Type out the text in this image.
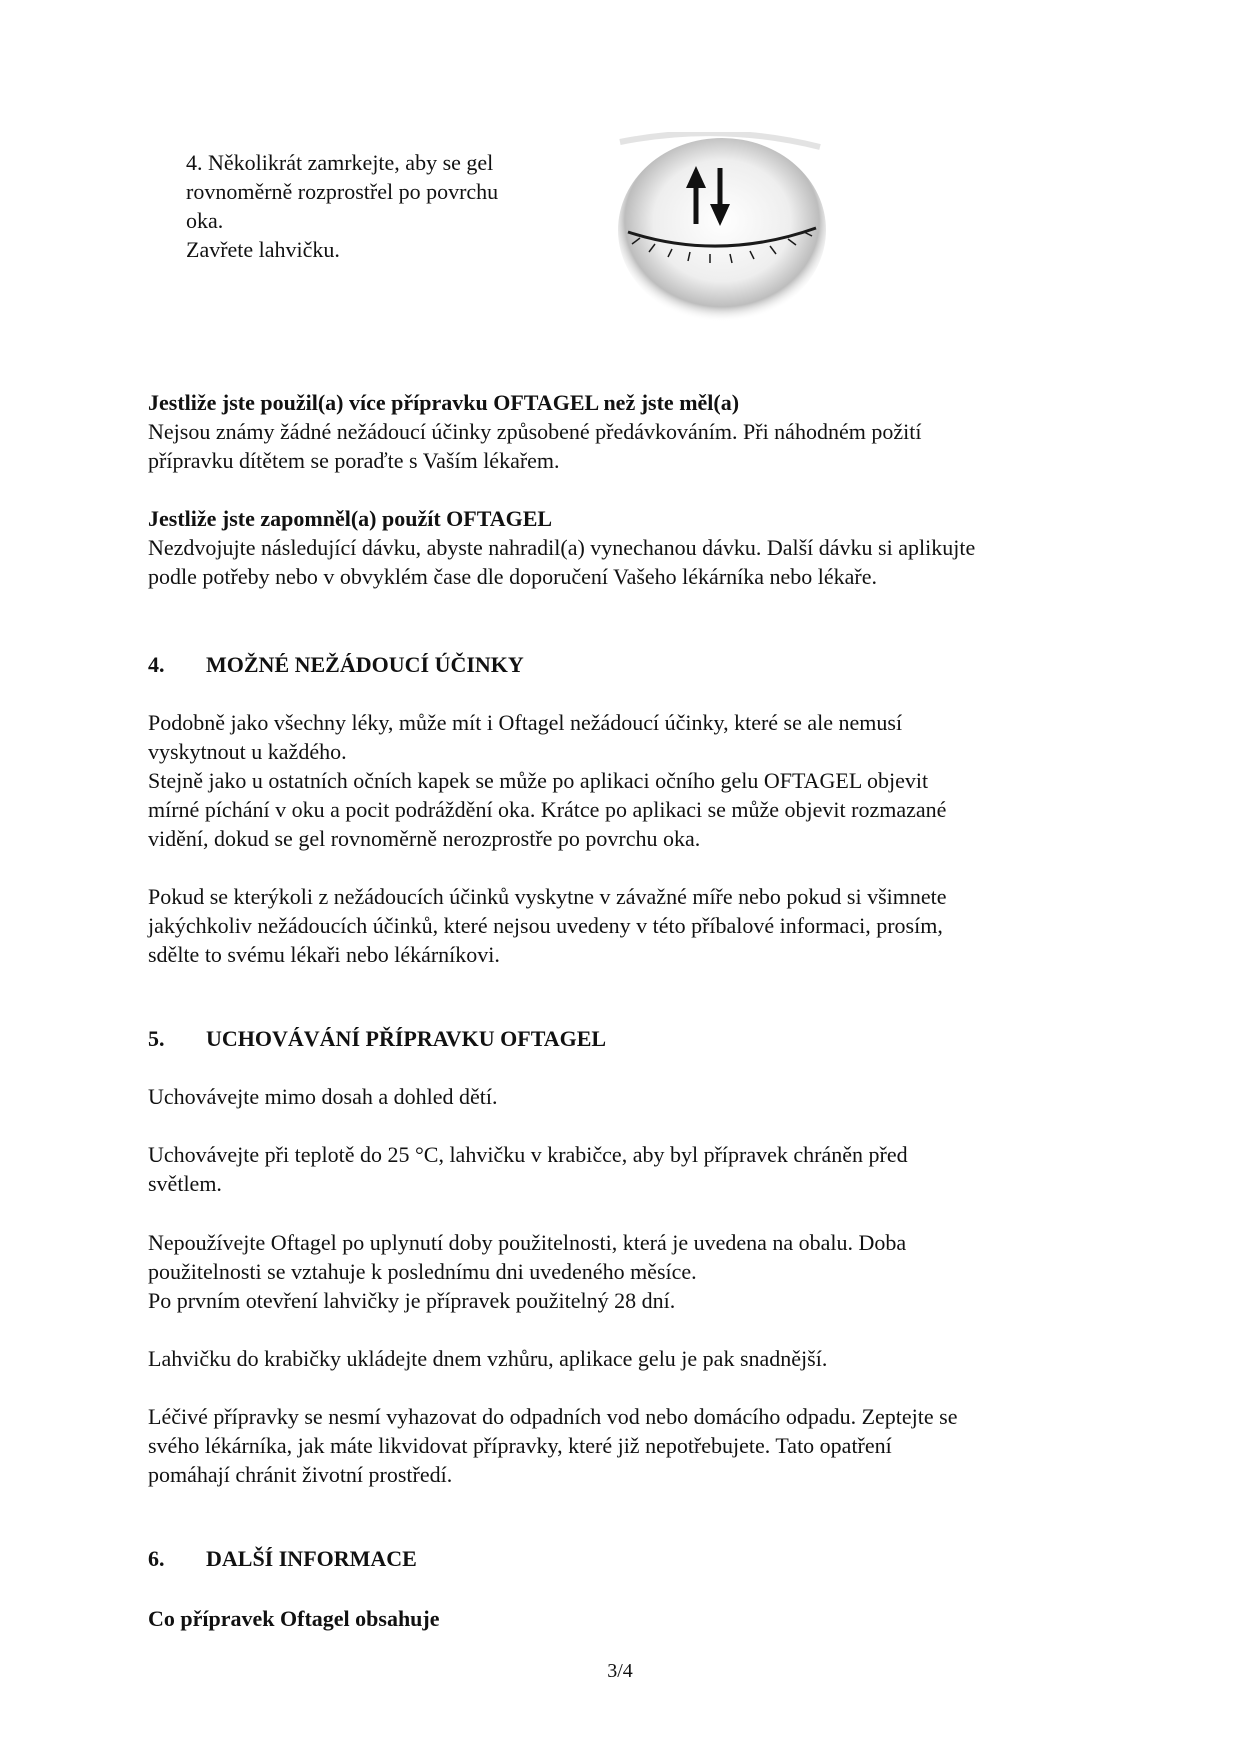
4. Několikrát zamrkejte, aby se gel

rovnoměrně rozprostřel po povrchu

oka.

Zavřete lahvičku.

Jestliže jste použil(a) více přípravku OFTAGEL než jste měl(a)

Nejsou známy žádné nežádoucí účinky způsobené předávkováním. Při náhodném požití

přípravku dítětem se poraďte s Vaším lékařem.

Jestliže jste zapomněl(a) použít OFTAGEL

Nezdvojujte následující dávku, abyste nahradil(a) vynechanou dávku. Další dávku si aplikujte

podle potřeby nebo v obvyklém čase dle doporučení Vašeho lékárníka nebo lékaře.

4. MOŽNÉ NEŽÁDOUCÍ ÚČINKY

Podobně jako všechny léky, může mít i Oftagel nežádoucí účinky, které se ale nemusí

vyskytnout u každého.

Stejně jako u ostatních očních kapek se může po aplikaci očního gelu OFTAGEL objevit

mírné píchání v oku a pocit podráždění oka. Krátce po aplikaci se může objevit rozmazané

vidění, dokud se gel rovnoměrně nerozprostře po povrchu oka.

Pokud se kterýkoli z nežádoucích účinků vyskytne v závažné míře nebo pokud si všimnete

jakýchkoliv nežádoucích účinků, které nejsou uvedeny v této příbalové informaci, prosím,

sdělte to svému lékaři nebo lékárníkovi.

5. UCHOVÁVÁNÍ PŘÍPRAVKU OFTAGEL

Uchovávejte mimo dosah a dohled dětí.

Uchovávejte při teplotě do 25 °C, lahvičku v krabičce, aby byl přípravek chráněn před

světlem.

Nepoužívejte Oftagel po uplynutí doby použitelnosti, která je uvedena na obalu. Doba

použitelnosti se vztahuje k poslednímu dni uvedeného měsíce.

Po prvním otevření lahvičky je přípravek použitelný 28 dní.

Lahvičku do krabičky ukládejte dnem vzhůru, aplikace gelu je pak snadnější.

Léčivé přípravky se nesmí vyhazovat do odpadních vod nebo domácího odpadu. Zeptejte se

svého lékárníka, jak máte likvidovat přípravky, které již nepotřebujete. Tato opatření

pomáhají chránit životní prostředí.

6. DALŠÍ INFORMACE
Co přípravek Oftagel obsahuje
3/4
